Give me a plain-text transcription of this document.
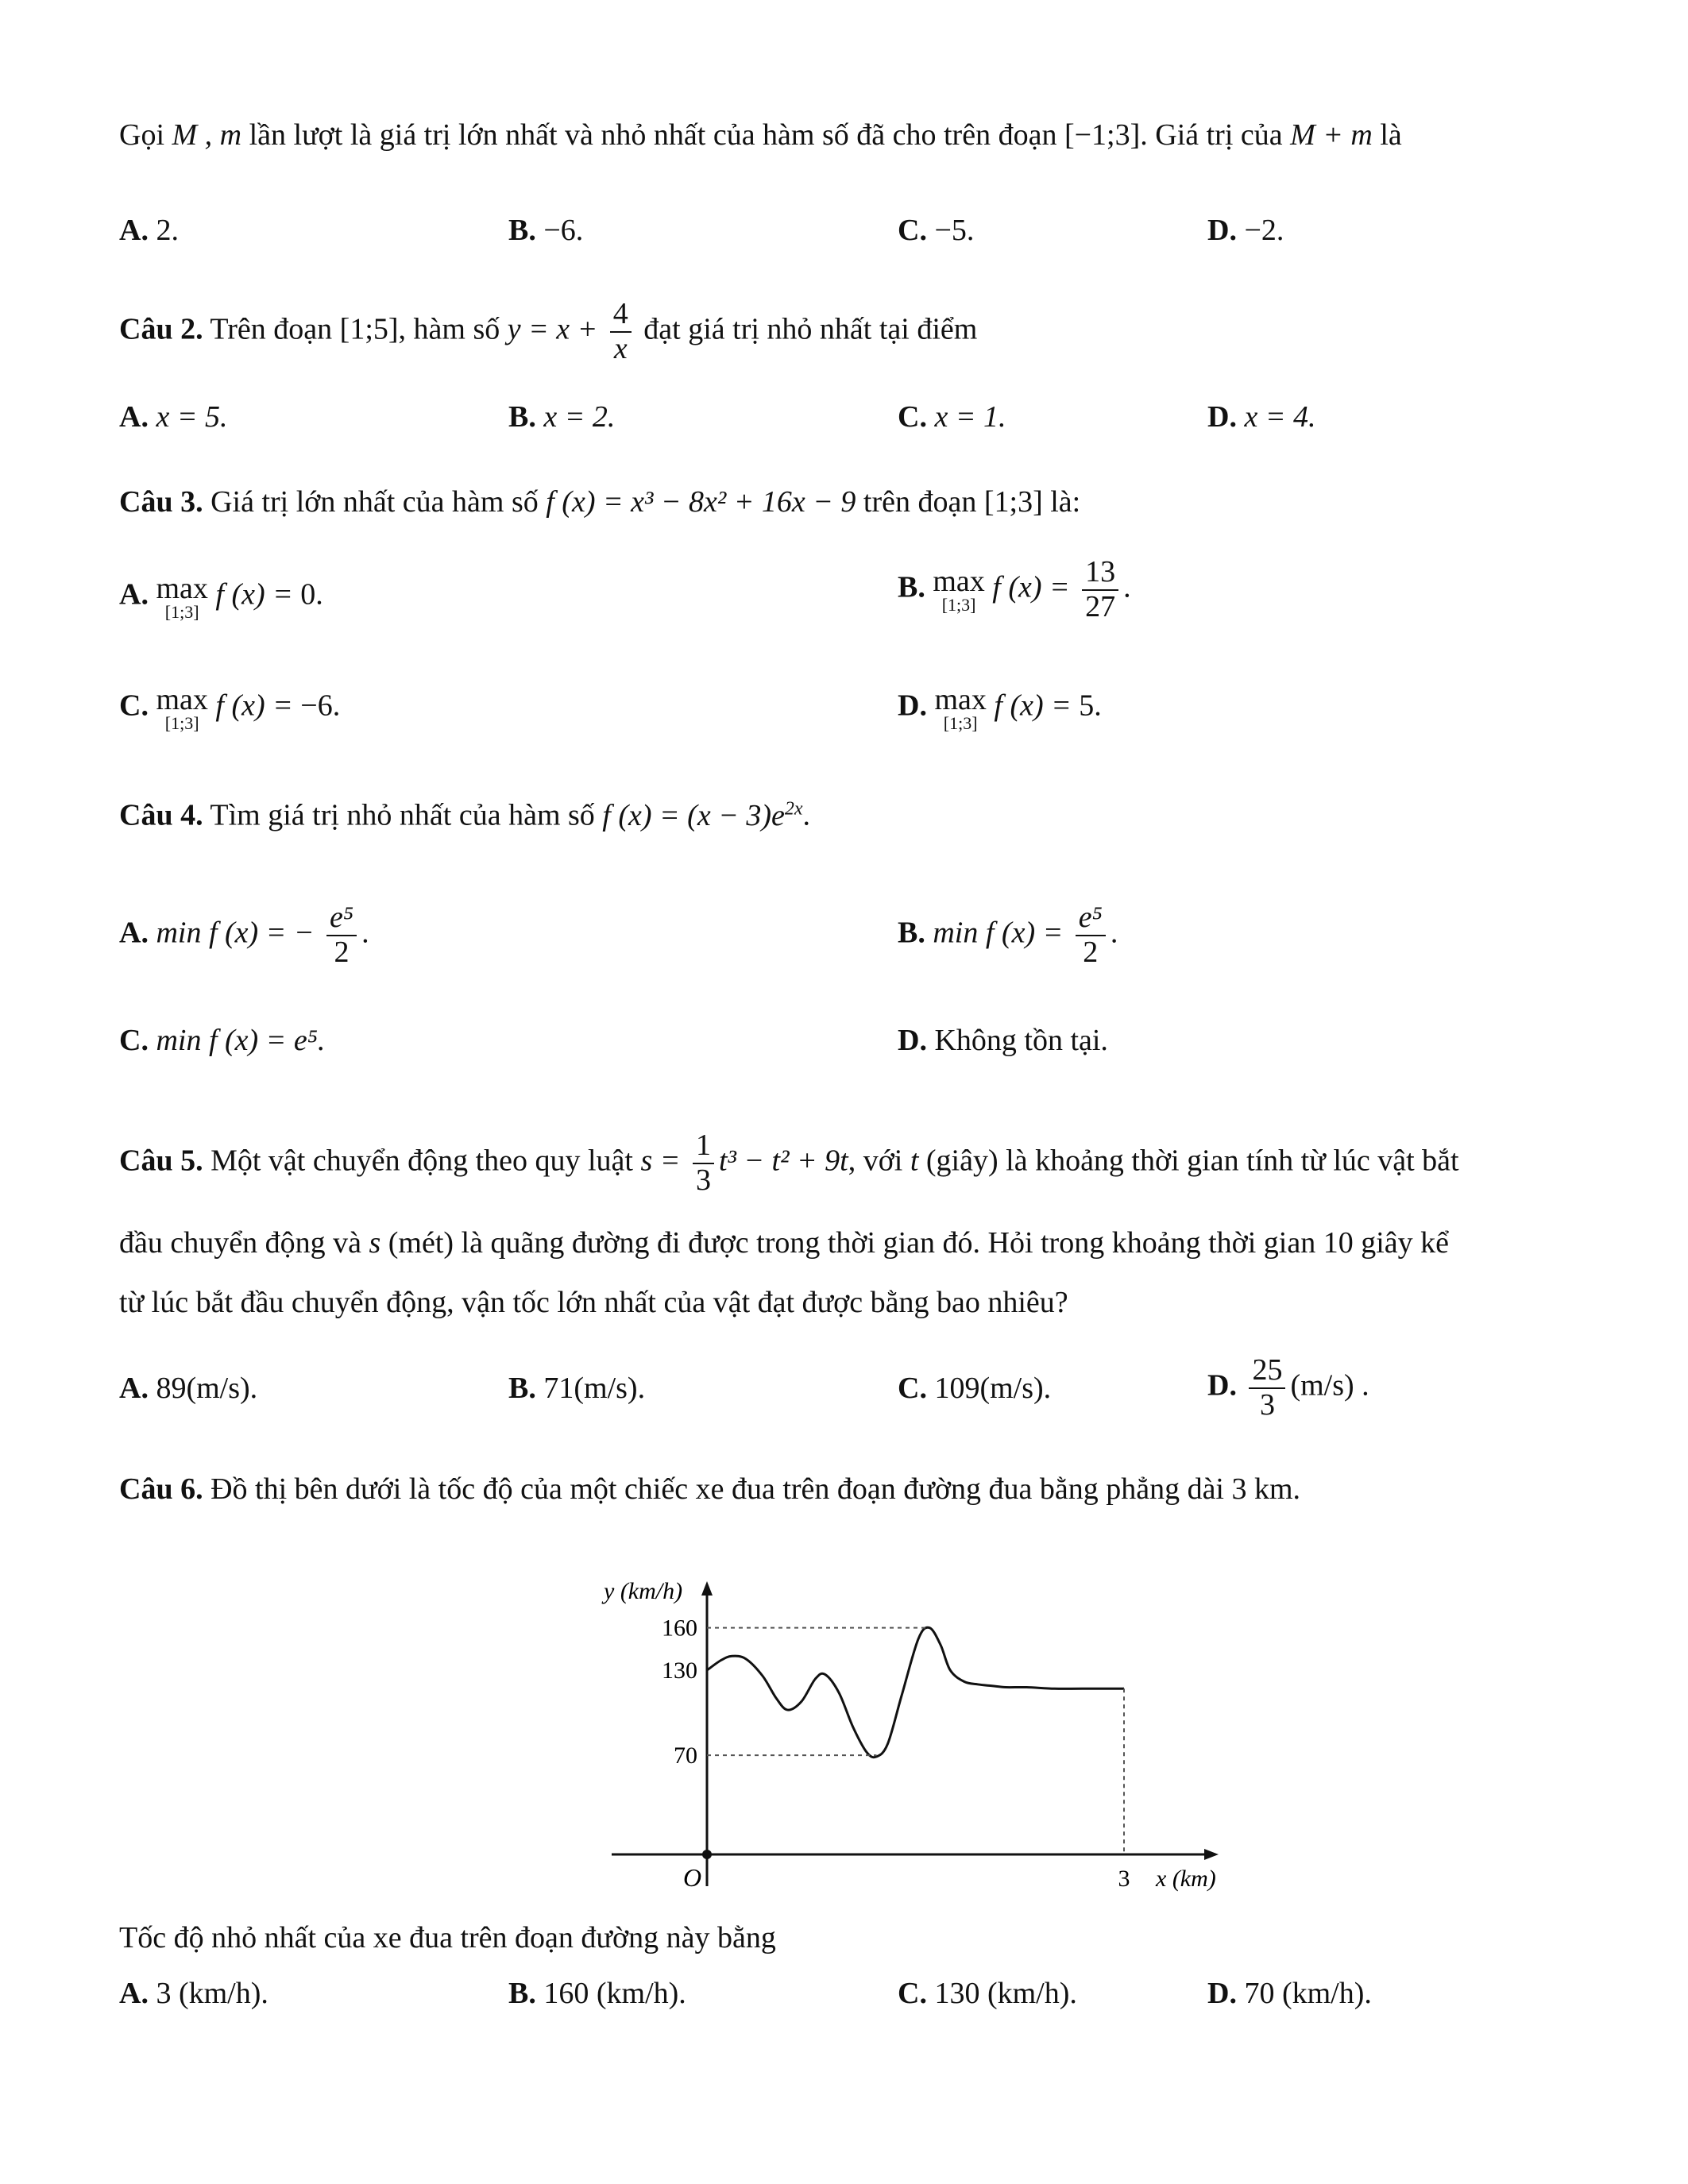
Gọi M , m lần lượt là giá trị lớn nhất và nhỏ nhất của hàm số đã cho trên đoạn [−1;3]. Giá trị của M + m là
A. 2.	B. −6.	C. −5.	D. −2.
Câu 2. Trên đoạn [1;5], hàm số $y = x + \frac{4}{x}$ đạt giá trị nhỏ nhất tại điểm
A. x = 5.	B. x = 2.	C. x = 1.	D. x = 4.
Câu 3. Giá trị lớn nhất của hàm số f (x) = x³ − 8x² + 16x − 9 trên đoạn [1;3] là:
A. max
[1;3]
f (x) = 0.	B. max
[1;3]
f $(x) = \frac{13}{27}$ .
C. max
[1;3]
f (x) = −6.	D. max
[1;3]
f (x) = 5.
Câu 4. Tìm giá trị nhỏ nhất của hàm số f $(x) = (x - 3)e^{2x}$.
A. min f (x) = − $\frac{\text{e⁵}}{2}$ .	B. min f $(x) = \frac{\text{e⁵}}{2}$ .
C. min f (x) = e⁵.	D. Không tồn tại.
Câu 5. Một vật chuyển động theo quy luật $s = \frac{1}{3} t^3 - t^2 + 9t$, với t (giây) là khoảng thời gian tính từ lúc vật bắt
đầu chuyển động và s (mét) là quãng đường đi được trong thời gian đó. Hỏi trong khoảng thời gian 10 giây kể
từ lúc bắt đầu chuyển động, vận tốc lớn nhất của vật đạt được bằng bao nhiêu?
A. 89(m/s).	B. 71(m/s).	C. 109(m/s).	D. $\frac{25}{3} (m/s)$ .
Câu 6. Đồ thị bên dưới là tốc độ của một chiếc xe đua trên đoạn đường đua bằng phẳng dài 3 km.
O
y (km/h)
x (km)
70
130
160
3
Tốc độ nhỏ nhất của xe đua trên đoạn đường này bằng
A. 3 (km/h).	B. 160 (km/h).	C. 130 (km/h).	D. 70 (km/h).
